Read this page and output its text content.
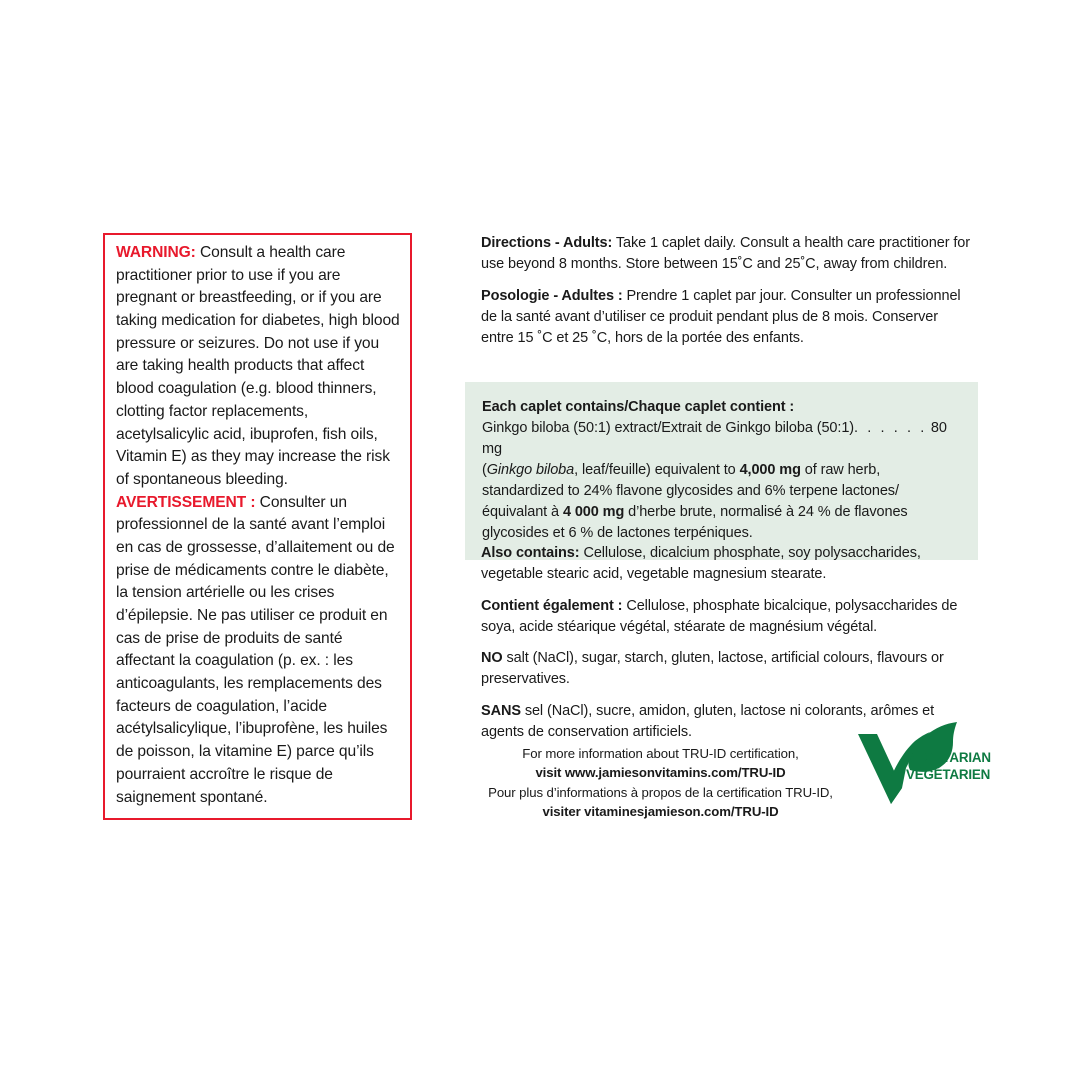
WARNING: Consult a health care practitioner prior to use if you are pregnant or breastfeeding, or if you are taking medication for diabetes, high blood pressure or seizures. Do not use if you are taking health products that affect blood coagulation (e.g. blood thinners, clotting factor replacements, acetylsalicylic acid, ibuprofen, fish oils, Vitamin E) as they may increase the risk of spontaneous bleeding.

AVERTISSEMENT : Consulter un professionnel de la santé avant l’emploi en cas de grossesse, d’allaitement ou de prise de médicaments contre le diabète, la tension artérielle ou les crises d’épilepsie. Ne pas utiliser ce produit en cas de prise de produits de santé affectant la coagulation (p. ex. : les anticoagulants, les remplacements des facteurs de coagulation, l’acide acétylsalicylique, l’ibuprofène, les huiles de poisson, la vitamine E) parce qu’ils pourraient accroître le risque de saignement spontané.

Directions - Adults: Take 1 caplet daily. Consult a health care practitioner for use beyond 8 months. Store between 15˚C and 25˚C, away from children.

Posologie - Adultes : Prendre 1 caplet par jour. Consulter un professionnel de la santé avant d’utiliser ce produit pendant plus de 8 mois. Conserver entre 15 ˚C et 25 ˚C, hors de la portée des enfants.

Each caplet contains/Chaque caplet contient :

Ginkgo biloba (50:1) extract/Extrait de Ginkgo biloba (50:1). . . . . . 80 mg
(Ginkgo biloba, leaf/feuille) equivalent to 4,000 mg of raw herb, standardized to 24% flavone glycosides and 6% terpene lactones/ équivalant à 4 000 mg d’herbe brute, normalisé à 24 % de flavones glycosides et 6 % de lactones terpéniques.

Also contains: Cellulose, dicalcium phosphate, soy polysaccharides, vegetable stearic acid, vegetable magnesium stearate.

Contient également : Cellulose, phosphate bicalcique, polysaccharides de soya, acide stéarique végétal, stéarate de magnésium végétal.

NO salt (NaCl), sugar, starch, gluten, lactose, artificial colours, flavours or preservatives.

SANS sel (NaCl), sucre, amidon, gluten, lactose ni colorants, arômes et agents de conservation artificiels.

For more information about TRU-ID certification,

visit www.jamiesonvitamins.com/TRU-ID

Pour plus d’informations à propos de la certification TRU-ID,

visiter vitaminesjamieson.com/TRU-ID

VEGETARIAN
VÉGÉTARIEN
